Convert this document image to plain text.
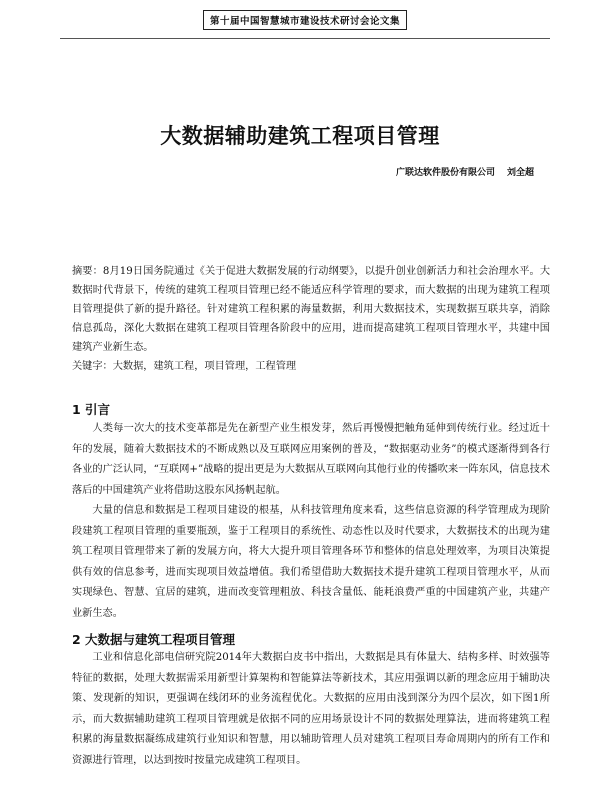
第十届中国智慧城市建设技术研讨会论文集
大数据辅助建筑工程项目管理
广联达软件股份有限公司 刘全超
摘要：8月19日国务院通过《关于促进大数据发展的行动纲要》，以提升创业创新活力和社会治理水平。大数据时代背景下，传统的建筑工程项目管理已经不能适应科学管理的要求，而大数据的出现为建筑工程项目管理提供了新的提升路径。针对建筑工程积累的海量数据，利用大数据技术，实现数据互联共享，消除信息孤岛，深化大数据在建筑工程项目管理各阶段中的应用，进而提高建筑工程项目管理水平，共建中国建筑产业新生态。
关键字：大数据，建筑工程，项目管理，工程管理
1 引言
人类每一次大的技术变革都是先在新型产业生根发芽，然后再慢慢把触角延伸到传统行业。经过近十年的发展，随着大数据技术的不断成熟以及互联网应用案例的普及，“数据驱动业务”的模式逐渐得到各行各业的广泛认同，“互联网+”战略的提出更是为大数据从互联网向其他行业的传播吹来一阵东风，信息技术落后的中国建筑产业将借助这股东风扬帆起航。
大量的信息和数据是工程项目建设的根基，从科技管理角度来看，这些信息资源的科学管理成为现阶段建筑工程项目管理的重要瓶颈，鉴于工程项目的系统性、动态性以及时代要求，大数据技术的出现为建筑工程项目管理带来了新的发展方向，将大大提升项目管理各环节和整体的信息处理效率，为项目决策提供有效的信息参考，进而实现项目效益增值。我们希望借助大数据技术提升建筑工程项目管理水平，从而实现绿色、智慧、宜居的建筑，进而改变管理粗放、科技含量低、能耗浪费严重的中国建筑产业，共建产业新生态。
2 大数据与建筑工程项目管理
工业和信息化部电信研究院2014年大数据白皮书中指出，大数据是具有体量大、结构多样、时效强等特征的数据，处理大数据需采用新型计算架构和智能算法等新技术，其应用强调以新的理念应用于辅助决策、发现新的知识，更强调在线闭环的业务流程优化。大数据的应用由浅到深分为四个层次，如下图1所示，而大数据辅助建筑工程项目管理就是依据不同的应用场景设计不同的数据处理算法，进而将建筑工程积累的海量数据凝练成建筑行业知识和智慧，用以辅助管理人员对建筑工程项目寿命周期内的所有工作和资源进行管理，以达到按时按量完成建筑工程项目。
